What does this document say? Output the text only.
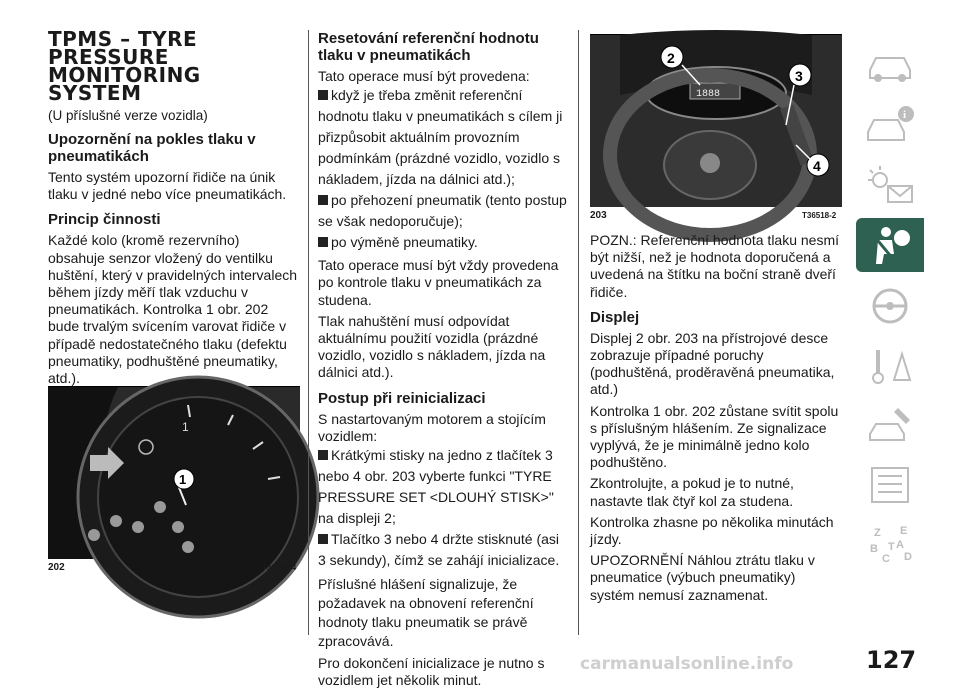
TPMS – TYRE
PRESSURE
MONITORING
SYSTEM
(U příslušné verze vozidla)
Upozornění na pokles tlaku v pneumatikách
Tento systém upozorní řidiče na únik tlaku v jedné nebo více pneumatikách.
Princip činnosti
Každé kolo (kromě rezervního) obsahuje senzor vložený do ventilku huštění, který v pravidelných intervalech během jízdy měří tlak vzduchu v pneumatikách. Kontrolka 1 obr. 202 bude trvalým svícením varovat řidiče v případě nedostatečného tlaku (defektu pneumatiky, podhuštěné pneumatiky, atd.).
1
1
202	T36504-4
Resetování referenční hodnotu tlaku v pneumatikách
Tato operace musí být provedena:
když je třeba změnit referenční hodnotu tlaku v pneumatikách s cílem ji přizpůsobit aktuálním provozním podmínkám (prázdné vozidlo, vozidlo s nákladem, jízda na dálnici atd.);
po přehození pneumatik (tento postup se však nedoporučuje);
po výměně pneumatiky.
Tato operace musí být vždy provedena po kontrole tlaku v pneumatikách za studena.
Tlak nahuštění musí odpovídat aktuálnímu použití vozidla (prázdné vozidlo, vozidlo s nákladem, jízda na dálnici atd.).
Postup při reinicializaci
S nastartovaným motorem a stojícím vozidlem:
Krátkými stisky na jedno z tlačítek 3 nebo 4 obr. 203 vyberte funkci "TYRE PRESSURE SET <DLOUHÝ STISK>" na displeji 2;
Tlačítko 3 nebo 4 držte stisknuté (asi 3 sekundy), čímž se zahájí inicializace.
Příslušné hlášení signalizuje, že požadavek na obnovení referenční hodnoty tlaku pneumatik se právě zpracovává.
Pro dokončení inicializace je nutno s vozidlem jet několik minut.
1888
2
3
4
203	T36518-2
POZN.: Referenční hodnota tlaku nesmí být nižší, než je hodnota doporučená a uvedená na štítku na boční straně dveří řidiče.
Displej
Displej 2 obr. 203 na přístrojové desce zobrazuje případné poruchy (podhuštěná, proděravěná pneumatika, atd.)
Kontrolka 1 obr. 202 zůstane svítit spolu s příslušným hlášením. Ze signalizace vyplývá, že je minimálně jedno kolo podhuštěno.
Zkontrolujte, a pokud je to nutné, nastavte tlak čtyř kol za studena.
Kontrolka zhasne po několika minutách jízdy.
UPOZORNĚNÍ Náhlou ztrátu tlaku v pneumatice (výbuch pneumatiky) systém nemusí zaznamenat.
i
Z E
B
C
T A
D
127
carmanualsonline.info
